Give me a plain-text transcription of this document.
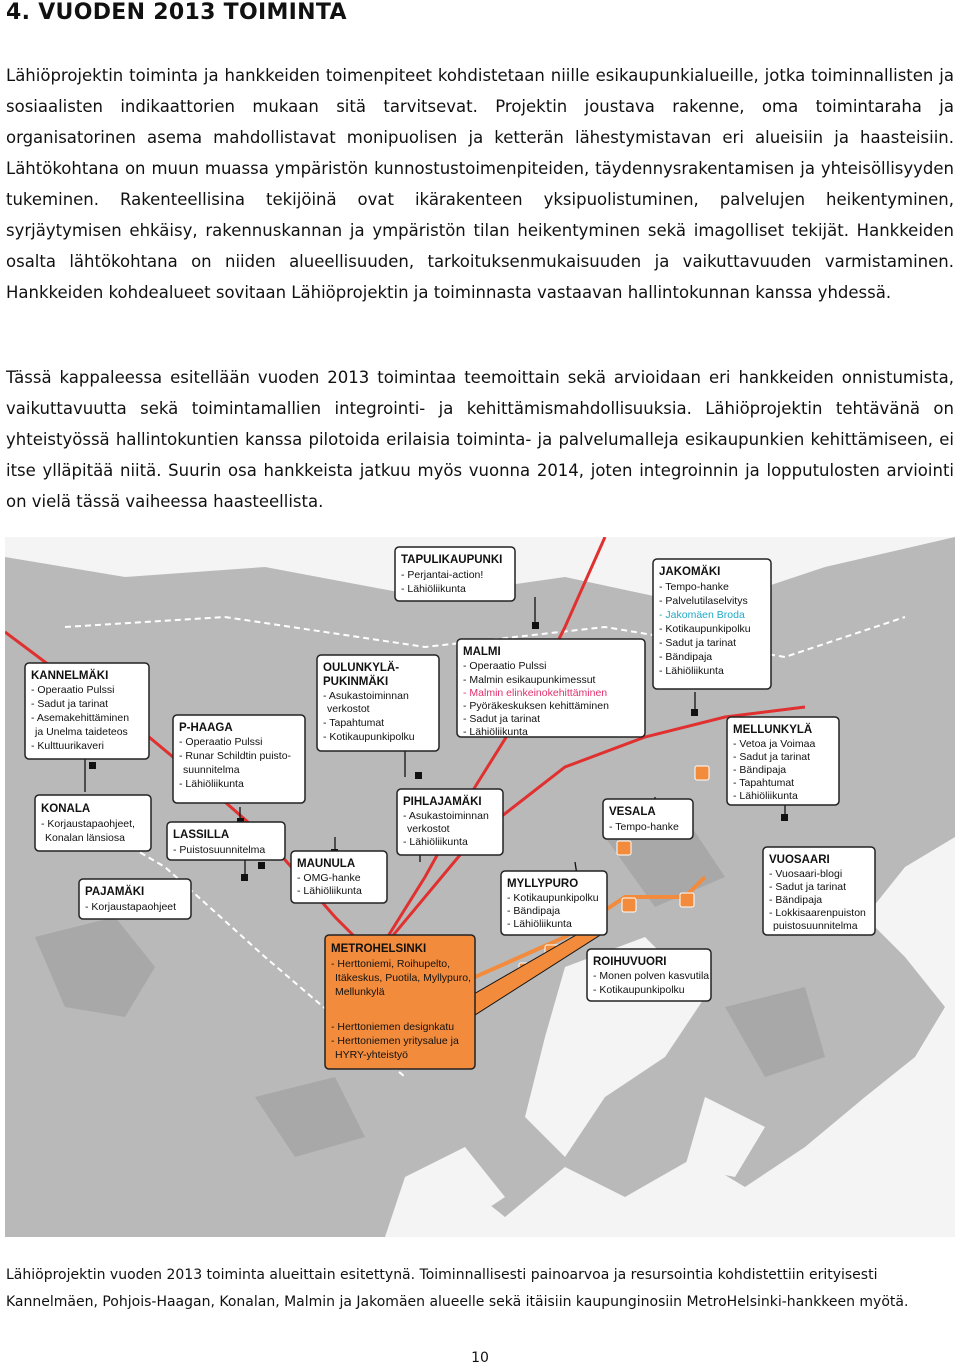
4. VUODEN 2013 TOIMINTA

Lähiöprojektin toiminta ja hankkeiden toimenpiteet kohdistetaan niille esikaupunkialueille, jotka toiminnallisten ja sosiaalisten indikaattorien mukaan sitä tarvitsevat. Projektin joustava rakenne, oma toimintaraha ja organisatorinen asema mahdollistavat monipuolisen ja ketterän lähestymistavan eri alueisiin ja haasteisiin. Lähtökohtana on muun muassa ympäristön kunnostustoimenpiteiden, täydennysrakentamisen ja yhteisöllisyyden tukeminen. Rakenteellisina tekijöinä ovat ikärakenteen yksipuolistuminen, palvelujen heikentyminen, syrjäytymisen ehkäisy, rakennuskannan ja ympäristön tilan heikentyminen sekä imagolliset tekijät. Hankkeiden osalta lähtökohtana on niiden alueellisuuden, tarkoituksenmukaisuuden ja vaikuttavuuden varmistaminen. Hankkeiden kohdealueet sovitaan Lähiöprojektin ja toiminnasta vastaavan hallintokunnan kanssa yhdessä.

Tässä kappaleessa esitellään vuoden 2013 toimintaa teemoittain sekä arvioidaan eri hankkeiden onnistumista, vaikuttavuutta sekä toimintamallien integrointi- ja kehittämismahdollisuuksia. Lähiöprojektin tehtävänä on yhteistyössä hallintokuntien kanssa pilotoida erilaisia toiminta- ja palvelumalleja esikaupunkien kehittämiseen, ei itse ylläpitää niitä. Suurin osa hankkeista jatkuu myös vuonna 2014, joten integroinnin ja lopputulosten arviointi on vielä tässä vaiheessa haasteellista.

TAPULIKAUPUNKI
- Perjantai-action!
- Lähiöliikunta
JAKOMÄKI
- Tempo-hanke
- Palvelutilaselvitys
- Jakomäen Broda
- Kotikaupunkipolku
- Sadut ja tarinat
- Bändipaja
- Lähiöliikunta
KANNELMÄKI
- Operaatio Pulssi
- Sadut ja tarinat
- Asemakehittäminen
ja Unelma taideteos
- Kulttuurikaveri
OULUNKYLÄ-
PUKINMÄKI
- Asukastoiminnan
verkostot
- Tapahtumat
- Kotikaupunkipolku
MALMI
- Operaatio Pulssi
- Malmin esikaupunkimessut
- Malmin elinkeinokehittäminen
- Pyöräkeskuksen kehittäminen
- Sadut ja tarinat
- Lähiöliikunta
P-HAAGA
- Operaatio Pulssi
- Runar Schildtin puisto-
suunnitelma
- Lähiöliikunta
MELLUNKYLÄ
- Vetoa ja Voimaa
- Sadut ja tarinat
- Bändipaja
- Tapahtumat
- Lähiöliikunta
KONALA
- Korjaustapaohjeet,
Konalan länsiosa	LASSILLA
- Puistosuunnitelma
PIHLAJAMÄKI
- Asukastoiminnan
verkostot
- Lähiöliikunta
VESALA
- Tempo-hanke
MAUNULA
- OMG-hanke
- Lähiöliikunta
VUOSAARI
- Vuosaari-blogi
- Sadut ja tarinat
- Bändipaja
- Lokkisaarenpuiston
puistosuunnitelma
MYLLYPURO
- Kotikaupunkipolku
- Bändipaja
- Lähiöliikunta
PAJAMÄKI
- Korjaustapaohjeet
ROIHUVUORI
- Monen polven kasvutila
- Kotikaupunkipolku
METROHELSINKI
- Herttoniemi, Roihupelto,
Itäkeskus, Puotila, Myllypuro,
Mellunkylä
- Herttoniemen designkatu
- Herttoniemen yritysalue ja
HYRY-yhteistyö

Lähiöprojektin vuoden 2013 toiminta alueittain esitettynä. Toiminnallisesti painoarvoa ja resursointia kohdistettiin erityisesti Kannelmäen, Pohjois-Haagan, Konalan, Malmin ja Jakomäen alueelle sekä itäisiin kaupunginosiin MetroHelsinki-hankkeen myötä.

10
